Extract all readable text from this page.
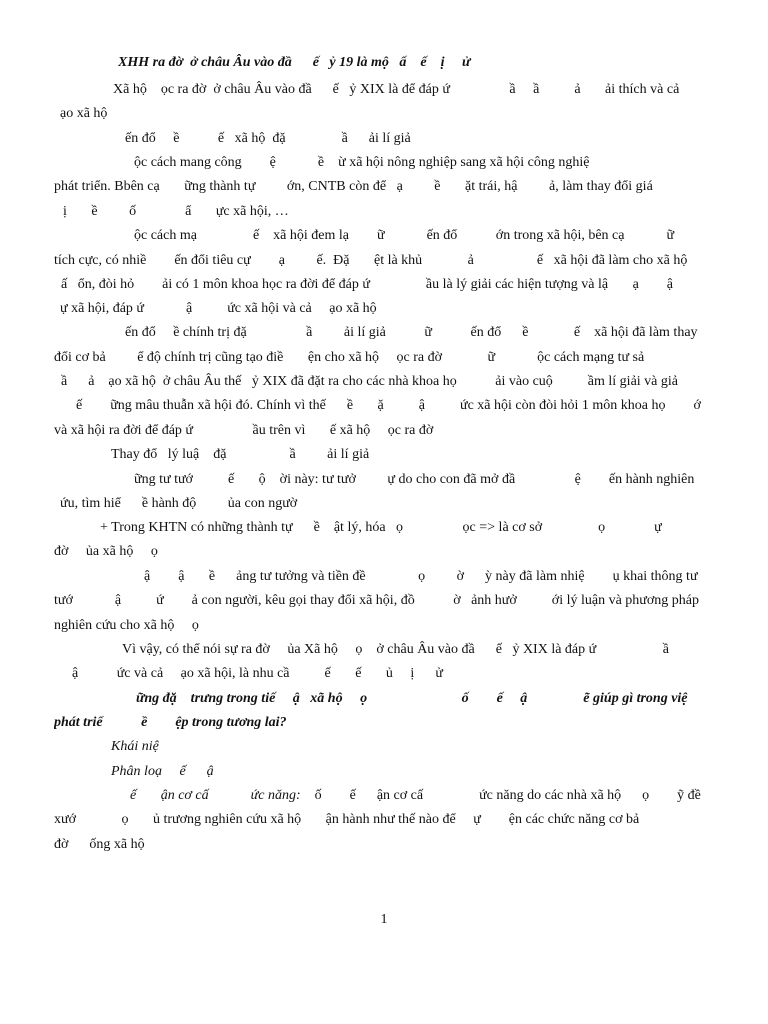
XHH ra đờ  ở châu Âu vào đầ      ế   ỷ 19 là mộ   ấ    ế    ị     ử
Xã hộ    ọc ra đờ  ở châu Âu vào đầ      ế   ỷ XIX là để đáp ứ                 ầ     ầ          ả       ải thích và cả
ạo xã hộ
ến đổ     ề           ế   xã hộ  đặ                ầ      ải lí giả
ộc cách mang công        ệ            ề    ừ xã hội nông nghiệp sang xã hội công nghiệ
phát triển. Bbên cạ       ững thành tự         ớn, CNTB còn để   ạ         ề       ặt trái, hậ         ả, làm thay đổi giá
ị       ề         ố              ẩ       ực xã hội, …
ộc cách mạ                ế    xã hội đem lạ        ữ            ến đổ           ớn trong xã hội, bên cạ            ữ
tích cực, có nhiề        ến đổi tiêu cự        ạ         ế.  Đặ       ệt là khủ             ả                  ế   xã hội đã làm cho xã hộ
ấ   ổn, đòi hỏ        ải có 1 môn khoa học ra đời để đáp ứ                ầu là lý giải các hiện tượng và lậ       ạ        ậ
ự xã hội, đáp ứ            ậ          ức xã hội và cả     ạo xã hộ
ến đổ     ề chính trị đặ                 ầ         ải lí giả           ữ           ến đổ      ề             ế    xã hội đã làm thay
đổi cơ bả         ể độ chính trị cũng tạo điề       ện cho xã hộ     ọc ra đờ             ữ            ộc cách mạng tư sả
ầ      ả    ạo xã hộ  ở châu Âu thế   ỷ XIX đã đặt ra cho các nhà khoa họ           ải vào cuộ          ầm lí giải và giả
ế        ững mâu thuẫn xã hội đó. Chính vì thế      ề       ặ          ậ          ức xã hội còn đòi hỏi 1 môn khoa họ        ớ
và xã hội ra đời để đáp ứ                 ầu trên vì       ế xã hộ     ọc ra đờ
Thay đổ   lý luậ    đặ                  ầ         ải lí giả
ững tư tướ          ế       ộ    ời này: tư tưở         ự do cho con đã mở đầ                 ệ        ến hành nghiên
ứu, tìm hiể      ề hành độ         ủa con ngườ
+ Trong KHTN có những thành tự      ề    ật lý, hóa   ọ                 ọc => là cơ sở                ọ              ự
đờ     ủa xã hộ     ọ
ậ        ậ       ề      ảng tư tưởng và tiền đề               ọ         ờ      ỳ này đã làm nhiệ        ụ khai thông tư
tướ            ậ          ứ        ả con người, kêu gọi thay đổi xã hội, đồ           ờ   ảnh hưở          ới lý luận và phương pháp
nghiên cứu cho xã hộ     ọ
Vì vậy, có thể nói sự ra đờ     ủa Xã hộ     ọ    ở châu Âu vào đầ      ế   ỷ XIX là đáp ứ                   ầ
ậ           ức và cả     ạo xã hội, là nhu cầ          ế       ế       ủ     ị      ử
ững đặ    trưng trong tiế     ậ   xã hộ     ọ                           ố        ế     ậ                ẽ giúp gì trong việ
phát triể           ề        ệp trong tương lai?
Khái niệ
Phân loạ     ế      ậ
ế       ận cơ cấ            ức năng:    ố        ế      ận cơ cấ                ức năng do các nhà xã hộ      ọ        ỹ đề
xướ             ọ       ủ trương nghiên cứu xã hộ       ận hành như thế nào để     ự        ện các chức năng cơ bả
đờ      ống xã hộ
1
